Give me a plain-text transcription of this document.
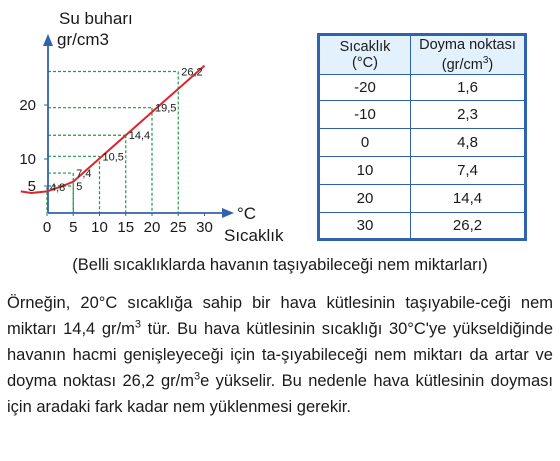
0 5 10 15 20 25 30
5
10
20
4,8 5
7,4
10,5
14,4
19,5
26,2
Su buharı
gr/cm3
°C
Sıcaklık
Sıcaklık
(°C)	Doyma noktası
$(gr/cm^3)$
-20	1,6
-10	2,3
0	4,8
10	7,4
20	14,4
30	26,2
(Belli sıcaklıklarda havanın taşıyabileceği nem miktarları)
Örneğin, 20°C sıcaklığa sahip bir hava kütlesinin taşıyabile-ceği nem miktarı 14,4 $gr/m^3$ tür. Bu hava kütlesinin sıcaklığı 30°C'ye yükseldiğinde havanın hacmi genişleyeceği için ta-şıyabileceği nem miktarı da artar ve doyma noktası 26,2 $gr/m^3e$ yükselir. Bu nedenle hava kütlesinin doyması için aradaki fark kadar nem yüklenmesi gerekir.
